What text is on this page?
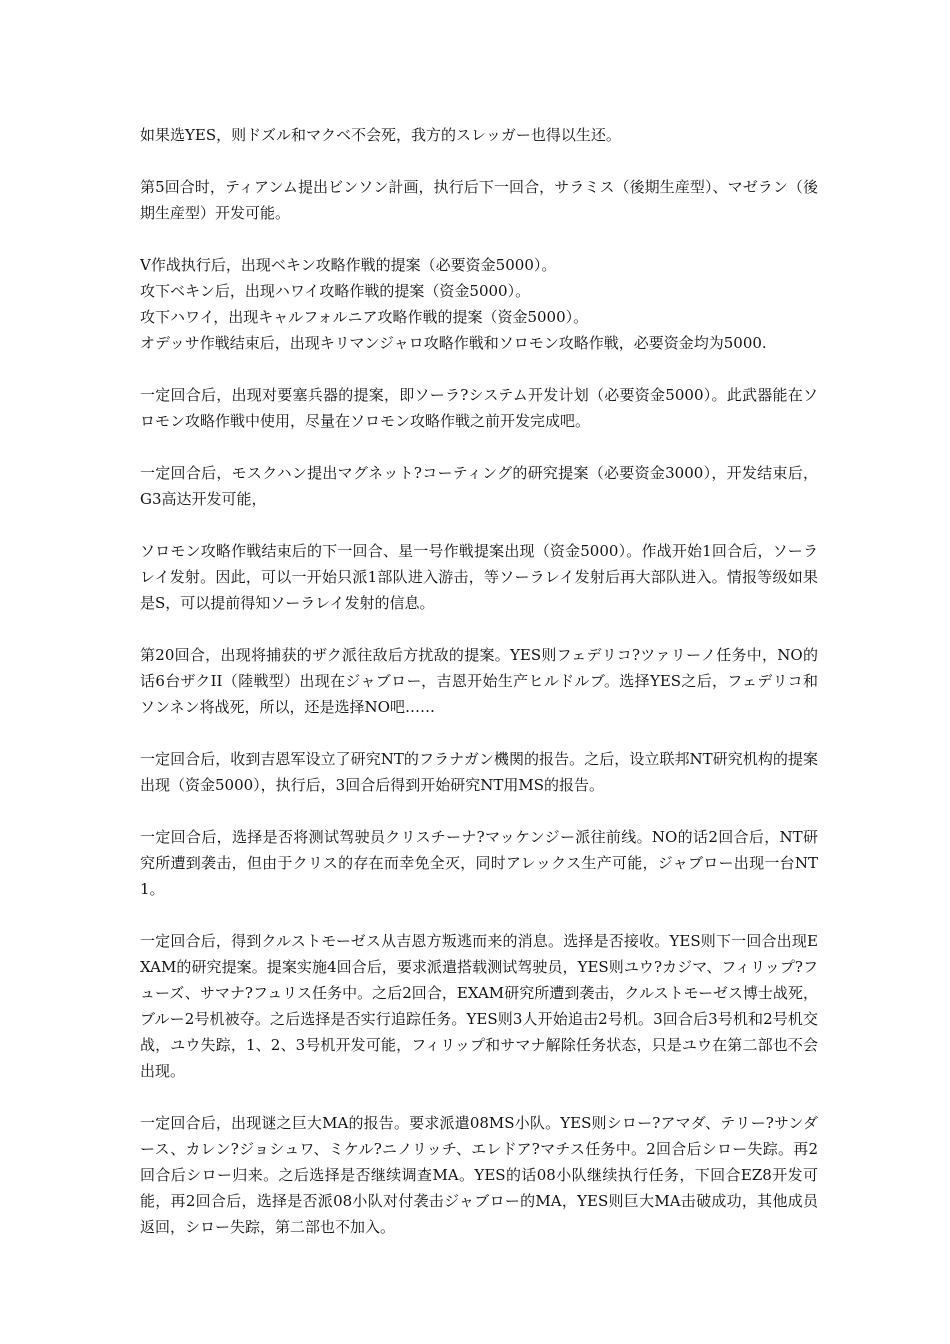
如果选YES，则ドズル和マクベ不会死，我方的スレッガー也得以生还。

第5回合时，ティアンム提出ビンソン計画，执行后下一回合，サラミス（後期生産型）、マゼラン（後期生産型）开发可能。

V作战执行后，出现ベキン攻略作戦的提案（必要资金5000）。
攻下ベキン后，出现ハワイ攻略作戦的提案（资金5000）。
攻下ハワイ，出现キャルフォルニア攻略作戦的提案（资金5000）。
オデッサ作戦结束后，出现キリマンジャロ攻略作戦和ソロモン攻略作戦，必要资金均为5000.

一定回合后，出现对要塞兵器的提案，即ソーラ?システム开发计划（必要资金5000）。此武器能在ソロモン攻略作戦中使用，尽量在ソロモン攻略作戦之前开发完成吧。

一定回合后，モスクハン提出マグネット?コーティング的研究提案（必要资金3000），开发结束后，G3高达开发可能，

ソロモン攻略作戦结束后的下一回合、星一号作戦提案出现（资金5000）。作战开始1回合后，ソーラレイ发射。因此，可以一开始只派1部队进入游击，等ソーラレイ发射后再大部队进入。情报等级如果是S，可以提前得知ソーラレイ发射的信息。

第20回合，出现将捕获的ザク派往敌后方扰敌的提案。YES则フェデリコ?ツァリーノ任务中，NO的话6台ザクII（陸戦型）出现在ジャブロー，吉恩开始生产ヒルドルブ。选择YES之后，フェデリコ和ソンネン将战死，所以，还是选择NO吧……

一定回合后，收到吉恩军设立了研究NT的フラナガン機関的报告。之后，设立联邦NT研究机构的提案出现（资金5000），执行后，3回合后得到开始研究NT用MS的报告。

一定回合后，选择是否将测试驾驶员クリスチーナ?マッケンジー派往前线。NO的话2回合后，NT研究所遭到袭击，但由于クリス的存在而幸免全灭，同时アレックス生产可能，ジャブロー出现一台NT1。

一定回合后，得到クルストモーゼス从吉恩方叛逃而来的消息。选择是否接收。YES则下一回合出现EXAM的研究提案。提案实施4回合后，要求派遣搭载测试驾驶员，YES则ユウ?カジマ、フィリップ?フューズ、サマナ?フュリス任务中。之后2回合，EXAM研究所遭到袭击，クルストモーゼス博士战死，ブルー2号机被夺。之后选择是否实行追踪任务。YES则3人开始追击2号机。3回合后3号机和2号机交战，ユウ失踪，1、2、3号机开发可能，フィリップ和サマナ解除任务状态，只是ユウ在第二部也不会出现。

一定回合后，出现谜之巨大MA的报告。要求派遣08MS小队。YES则シロー?アマダ、テリー?サンダース、カレン?ジョシュワ、ミケル?ニノリッチ、エレドア?マチス任务中。2回合后シロー失踪。再2回合后シロー归来。之后选择是否继续调查MA。YES的话08小队继续执行任务，下回合EZ8开发可能，再2回合后，选择是否派08小队对付袭击ジャブロー的MA，YES则巨大MA击破成功，其他成员返回，シロー失踪，第二部也不加入。
